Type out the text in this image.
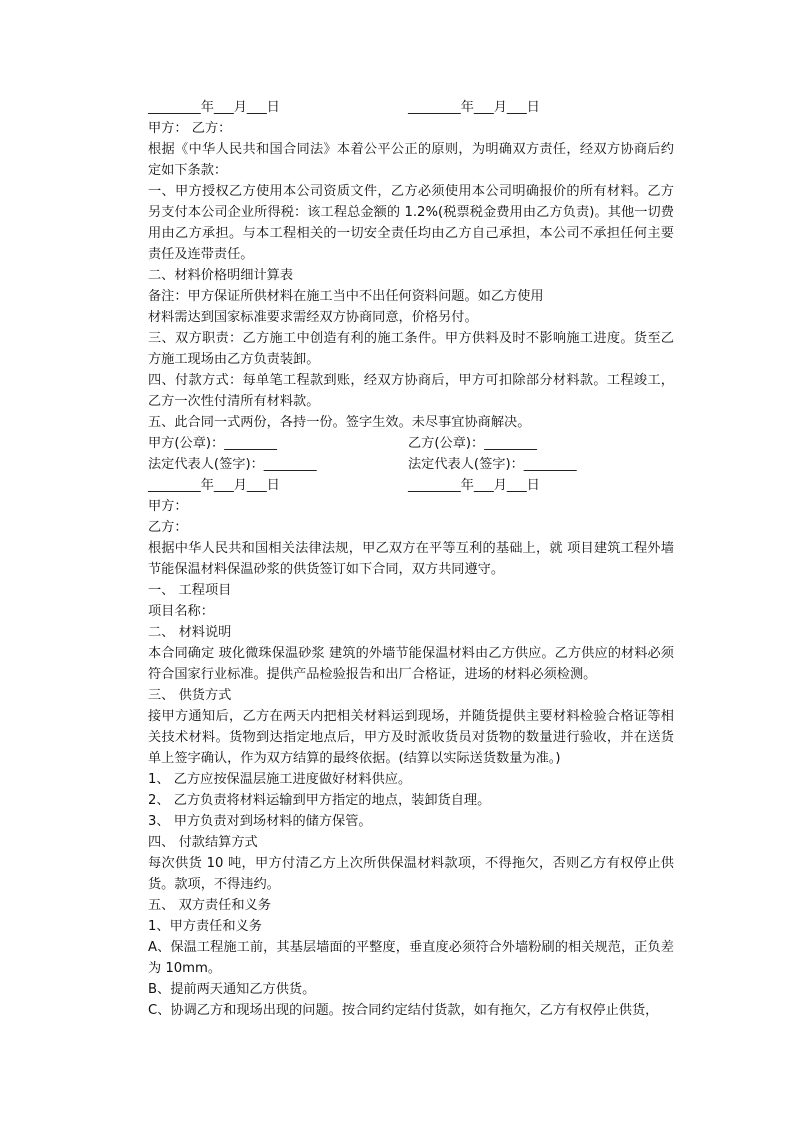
________年___月___日	________年___月___日
甲方： 乙方：
根据《中华人民共和国合同法》本着公平公正的原则，为明确双方责任，经双方协商后约定如下条款：
一、甲方授权乙方使用本公司资质文件，乙方必须使用本公司明确报价的所有材料。乙方另支付本公司企业所得税：该工程总金额的 1.2%(税票税金费用由乙方负责)。其他一切费用由乙方承担。与本工程相关的一切安全责任均由乙方自己承担，本公司不承担任何主要责任及连带责任。
二、材料价格明细计算表
备注：甲方保证所供材料在施工当中不出任何资料问题。如乙方使用
材料需达到国家标准要求需经双方协商同意，价格另付。
三、双方职责：乙方施工中创造有利的施工条件。甲方供料及时不影响施工进度。货至乙方施工现场由乙方负责装卸。
四、付款方式：每单笔工程款到账，经双方协商后，甲方可扣除部分材料款。工程竣工，乙方一次性付清所有材料款。
五、此合同一式两份，各持一份。签字生效。未尽事宜协商解决。
甲方(公章)：________	乙方(公章)：________
法定代表人(签字)：________	法定代表人(签字)：________
________年___月___日	________年___月___日
甲方：
乙方：
根据中华人民共和国相关法律法规，甲乙双方在平等互利的基础上，就 项目建筑工程外墙节能保温材料保温砂浆的供货签订如下合同，双方共同遵守。
一、 工程项目
项目名称：
二、 材料说明
本合同确定 玻化微珠保温砂浆 建筑的外墙节能保温材料由乙方供应。乙方供应的材料必须符合国家行业标准。提供产品检验报告和出厂合格证，进场的材料必须检测。
三、 供货方式
接甲方通知后，乙方在两天内把相关材料运到现场，并随货提供主要材料检验合格证等相关技术材料。货物到达指定地点后，甲方及时派收货员对货物的数量进行验收，并在送货单上签字确认，作为双方结算的最终依据。(结算以实际送货数量为准。)
1、 乙方应按保温层施工进度做好材料供应。
2、 乙方负责将材料运输到甲方指定的地点，装卸货自理。
3、 甲方负责对到场材料的储方保管。
四、 付款结算方式
每次供货 10 吨，甲方付清乙方上次所供保温材料款项，不得拖欠，否则乙方有权停止供货。款项，不得违约。
五、 双方责任和义务
1、甲方责任和义务
A、保温工程施工前，其基层墙面的平整度，垂直度必须符合外墙粉刷的相关规范，正负差为 10mm。
B、提前两天通知乙方供货。
C、协调乙方和现场出现的问题。按合同约定结付货款，如有拖欠，乙方有权停止供货，
